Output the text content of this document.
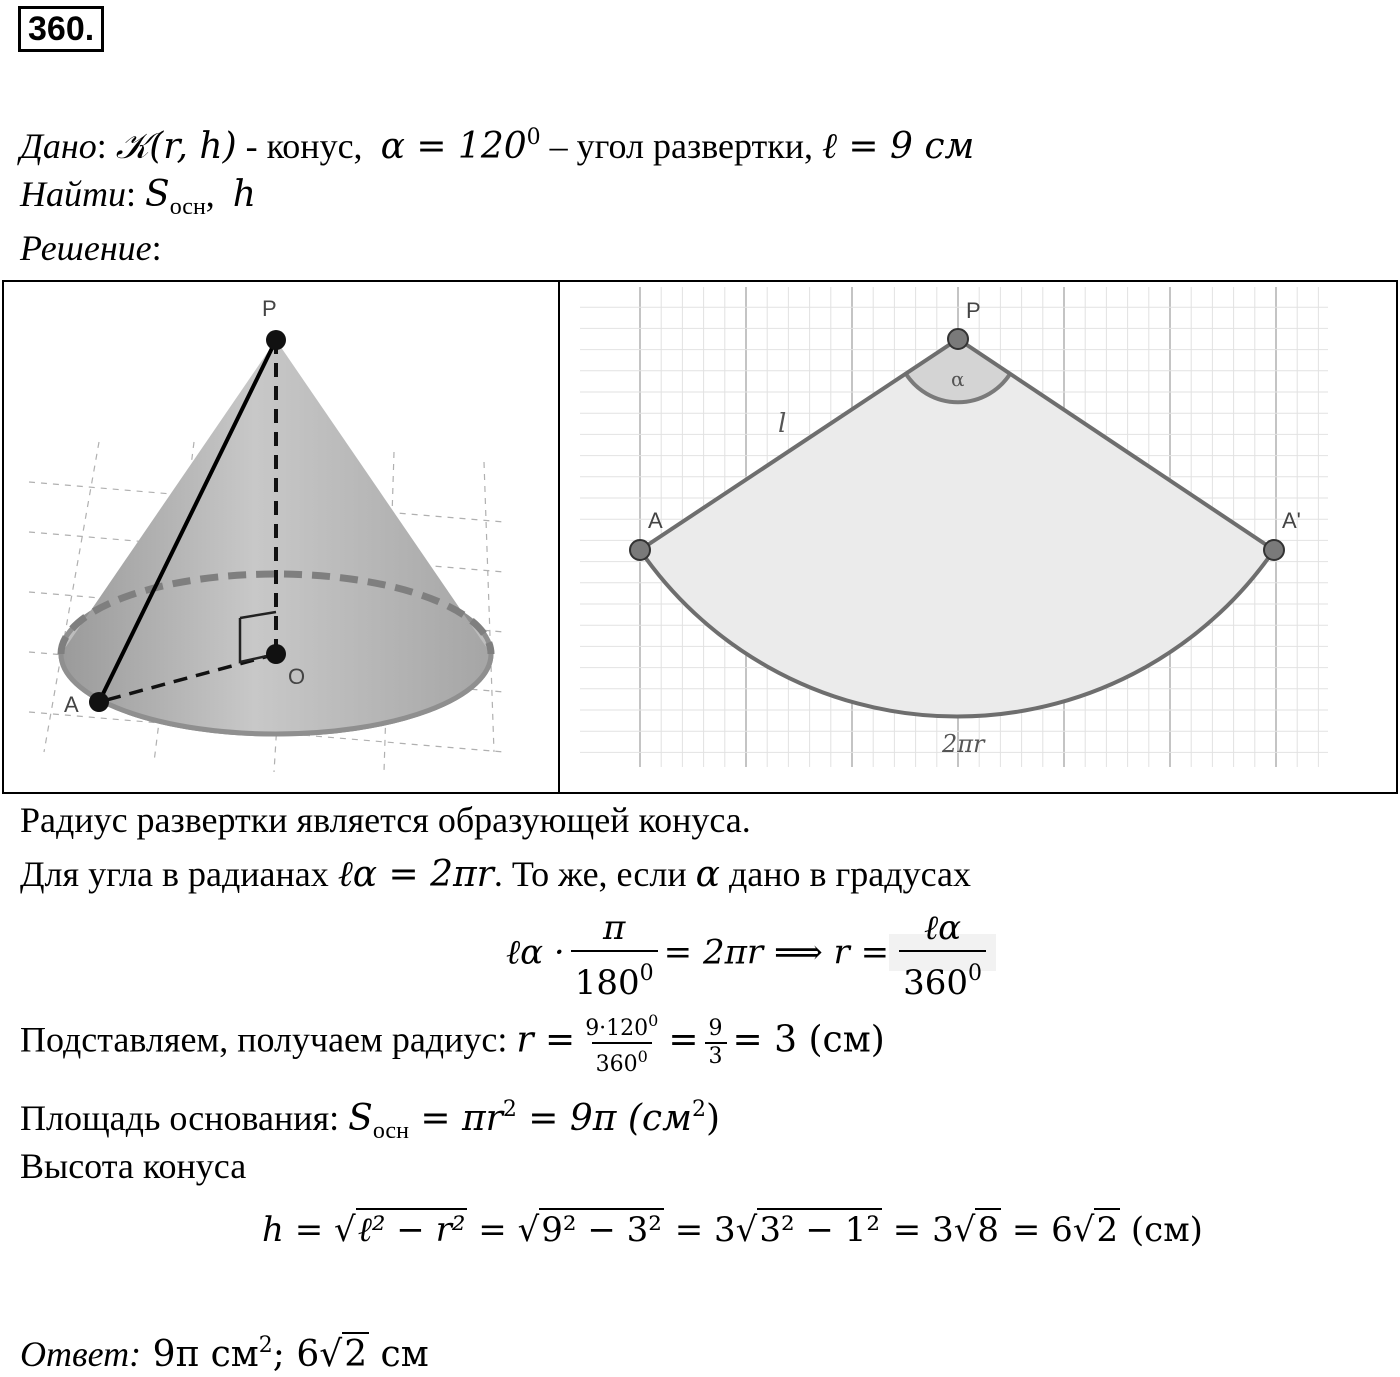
360.
Дано: 𝒦(r, h) - конус, $\alpha = 120^0$ – угол развертки, ℓ = 9 см
Найти: $S_{осн}$,  h
Решение:
P
O
A
P
A	A'
l
α
2πr
Радиус развертки является образующей конуса.
Для угла в радианах ℓα = 2πr. То же, если α дано в градусах
ℓα · $\frac{\pi}{180^0} = 2\pi r$ ⟹ $r = \frac{\text{ℓα}}{360^0}$
Подставляем, получаем радиус: $r = \frac{9\cdot 120^0}{360^0} = \frac{9}{3} = 3$ (см)
Площадь основания: $S_{осн} = \pi r^2 = 9\pi$ $(см^2)$
Высота конуса
h = √ℓ² − r² = √9² − 3² = 3√3² − 1² = 3√8 = 6√2 (см)
Ответ: 9π $см^2$; 6√2 см
